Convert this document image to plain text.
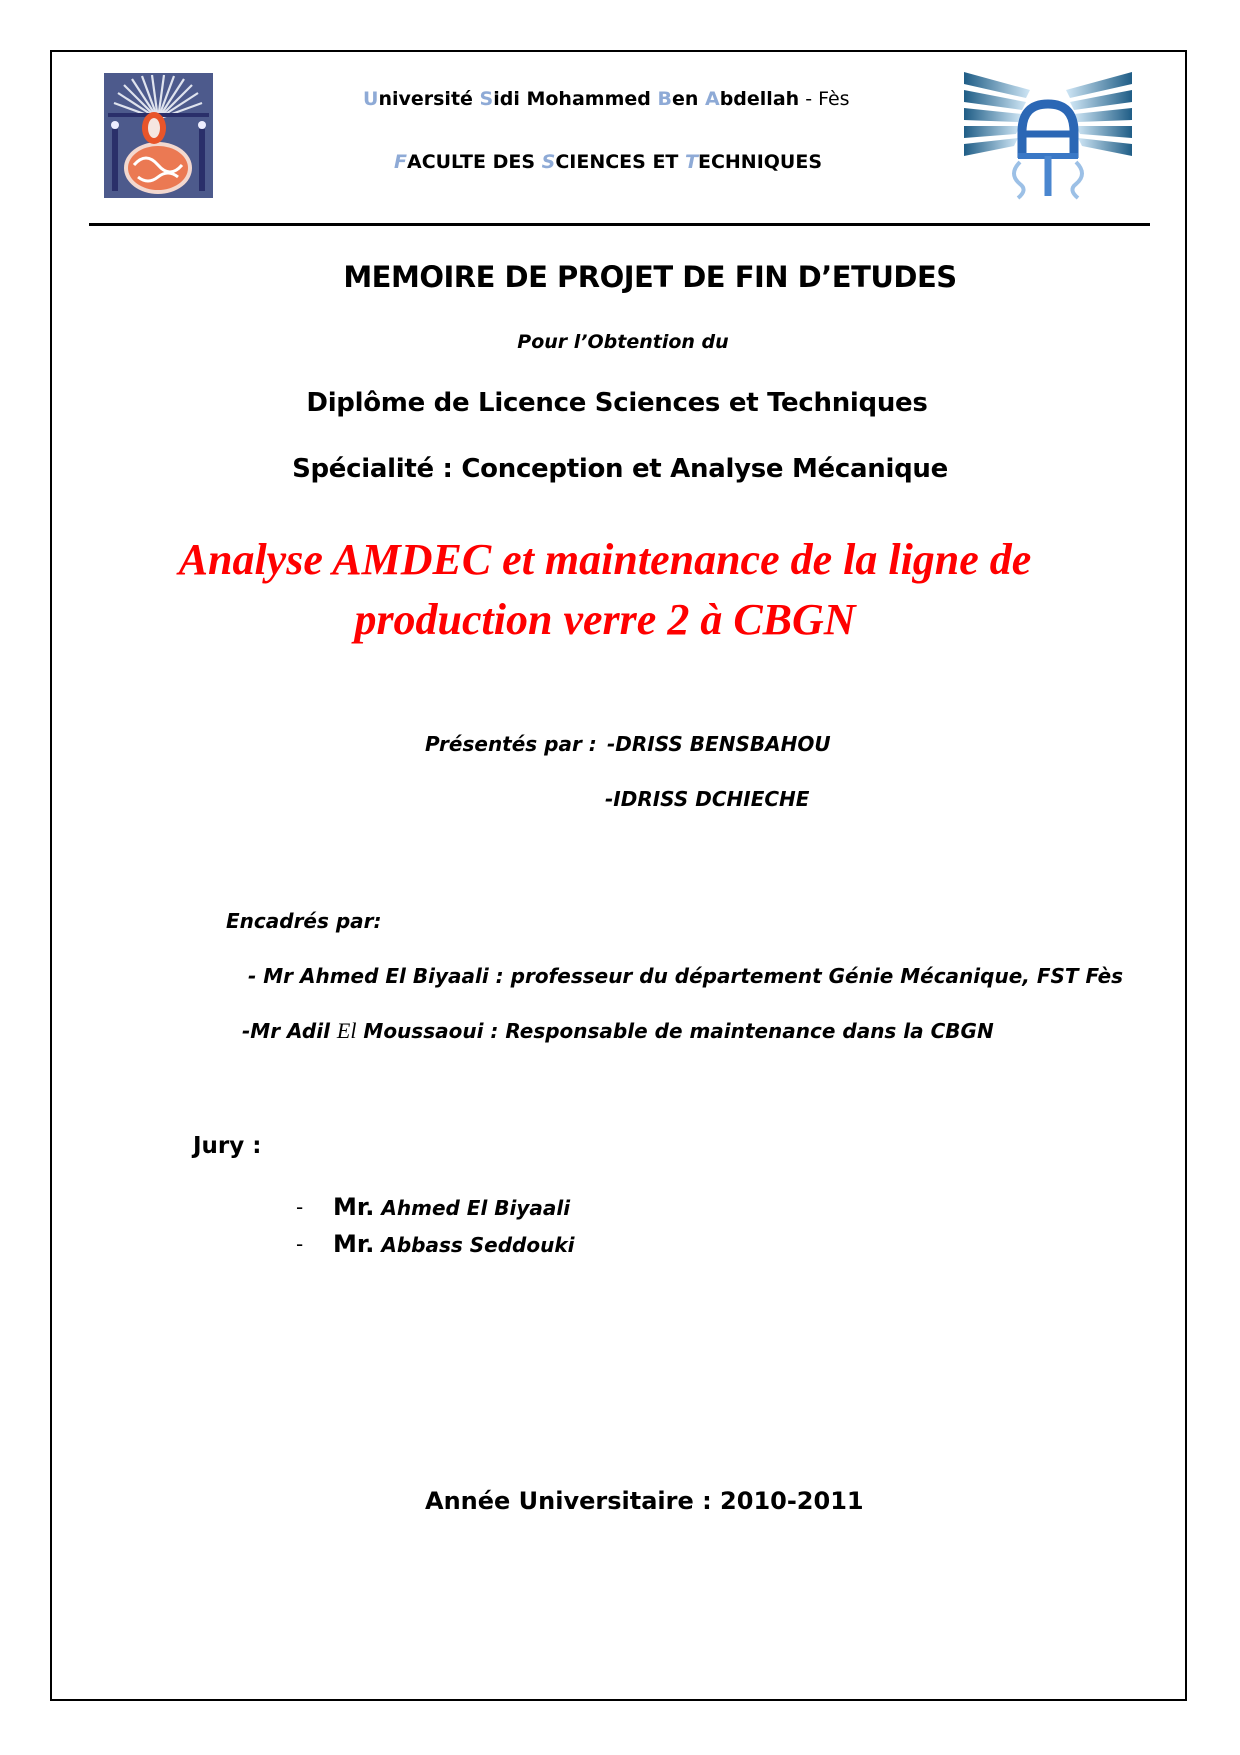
Université Sidi Mohammed Ben Abdellah - Fès
FACULTE DES SCIENCES ET TECHNIQUES
MEMOIRE DE PROJET DE FIN D’ETUDES
Pour l’Obtention du
Diplôme de Licence Sciences et Techniques
Spécialité : Conception et Analyse Mécanique
Analyse AMDEC et maintenance de la ligne de
production verre 2 à CBGN
Présentés par : -DRISS BENSBAHOU
-IDRISS DCHIECHE
Encadrés par:
- Mr Ahmed El Biyaali : professeur du département Génie Mécanique, FST Fès
-Mr Adil El Moussaoui : Responsable de maintenance dans la CBGN
Jury :
- Mr. Ahmed El Biyaali
- Mr. Abbass Seddouki
Année Universitaire : 2010-2011
